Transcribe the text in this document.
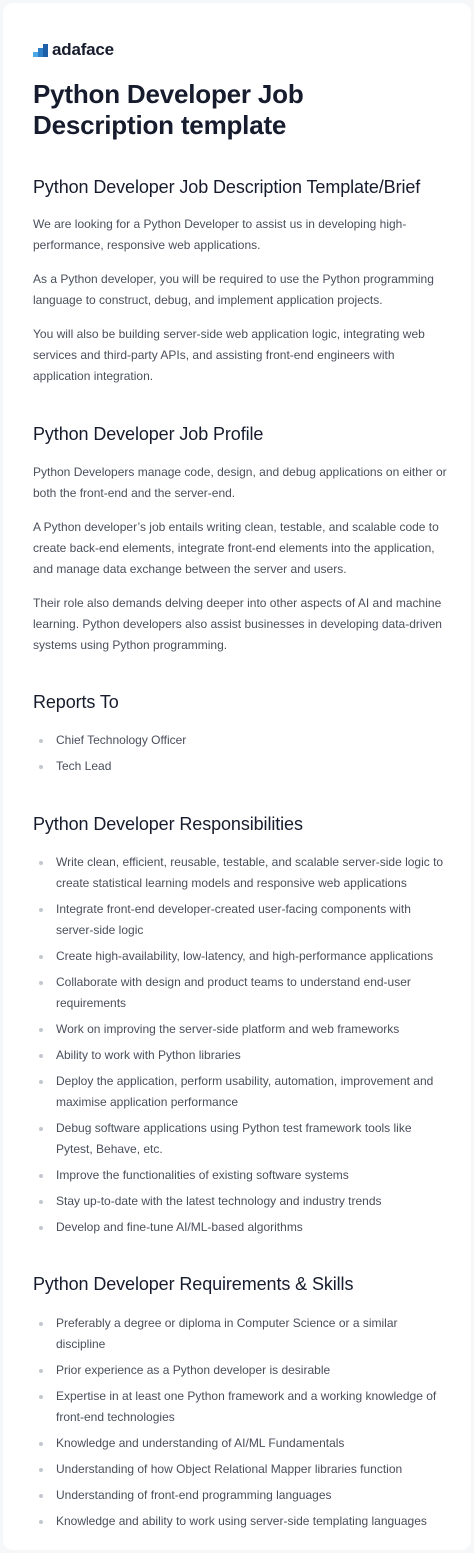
adaface
Python Developer Job Description template
Python Developer Job Description Template/Brief

We are looking for a Python Developer to assist us in developing high-performance, responsive web applications.

As a Python developer, you will be required to use the Python programming language to construct, debug, and implement application projects.

You will also be building server-side web application logic, integrating web services and third-party APIs, and assisting front-end engineers with application integration.

Python Developer Job Profile

Python Developers manage code, design, and debug applications on either or both the front-end and the server-end.

A Python developer’s job entails writing clean, testable, and scalable code to create back-end elements, integrate front-end elements into the application, and manage data exchange between the server and users.

Their role also demands delving deeper into other aspects of AI and machine learning. Python developers also assist businesses in developing data-driven systems using Python programming.

Reports To
Chief Technology Officer
Tech Lead
Python Developer Responsibilities
Write clean, efficient, reusable, testable, and scalable server-side logic to create statistical learning models and responsive web applications
Integrate front-end developer-created user-facing components with server-side logic
Create high-availability, low-latency, and high-performance applications
Collaborate with design and product teams to understand end-user requirements
Work on improving the server-side platform and web frameworks
Ability to work with Python libraries
Deploy the application, perform usability, automation, improvement and maximise application performance
Debug software applications using Python test framework tools like Pytest, Behave, etc.
Improve the functionalities of existing software systems
Stay up-to-date with the latest technology and industry trends
Develop and fine-tune AI/ML-based algorithms
Python Developer Requirements & Skills
Preferably a degree or diploma in Computer Science or a similar discipline
Prior experience as a Python developer is desirable
Expertise in at least one Python framework and a working knowledge of front-end technologies
Knowledge and understanding of AI/ML Fundamentals
Understanding of how Object Relational Mapper libraries function
Understanding of front-end programming languages
Knowledge and ability to work using server-side templating languages
